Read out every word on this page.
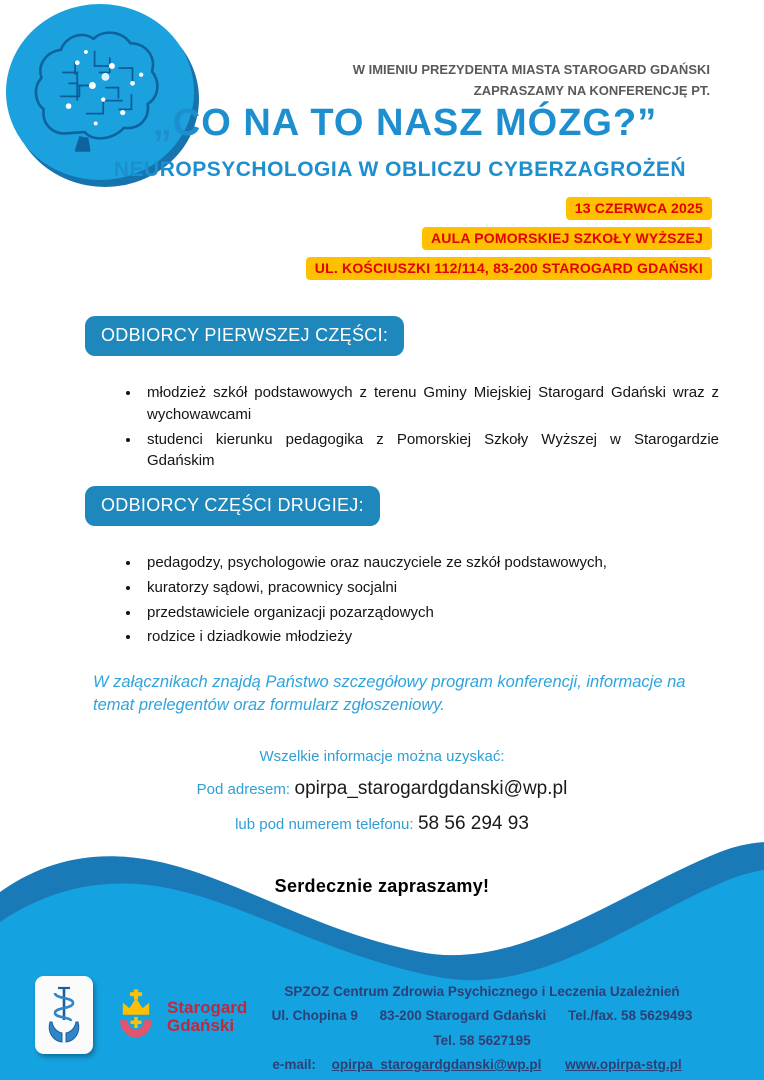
W IMIENIU PREZYDENTA MIASTA STAROGARD GDAŃSKI
ZAPRASZAMY NA KONFERENCJĘ PT.
„CO NA TO NASZ MÓZG?”
NEUROPSYCHOLOGIA W OBLICZU CYBERZAGROŻEŃ
13 CZERWCA 2025
AULA POMORSKIEJ SZKOŁY WYŻSZEJ
UL. KOŚCIUSZKI 112/114, 83-200 STAROGARD GDAŃSKI
ODBIORCY PIERWSZEJ CZĘŚCI:
• młodzież szkół podstawowych z terenu Gminy Miejskiej Starogard Gdański wraz z wychowawcami
• studenci kierunku pedagogika z Pomorskiej Szkoły Wyższej w Starogardzie Gdańskim
ODBIORCY CZĘŚCI DRUGIEJ:
• pedagodzy, psychologowie oraz nauczyciele ze szkół podstawowych,
• kuratorzy sądowi, pracownicy socjalni
• przedstawiciele organizacji pozarządowych
• rodzice i dziadkowie młodzieży
W załącznikach znajdą Państwo szczegółowy program konferencji, informacje na temat prelegentów oraz formularz zgłoszeniowy.
Wszelkie informacje można uzyskać:
Pod adresem: opirpa_starogardgdanski@wp.pl
lub pod numerem telefonu: 58 56 294 93
Serdecznie zapraszamy!
Starogard
Gdański
SPZOZ Centrum Zdrowia Psychicznego i Leczenia Uzależnień
Ul. Chopina 9 83-200 Starogard Gdański Tel./fax. 58 5629493 Tel. 58 5627195
e-mail: opirpa_starogardgdanski@wp.pl www.opirpa-stg.pl
